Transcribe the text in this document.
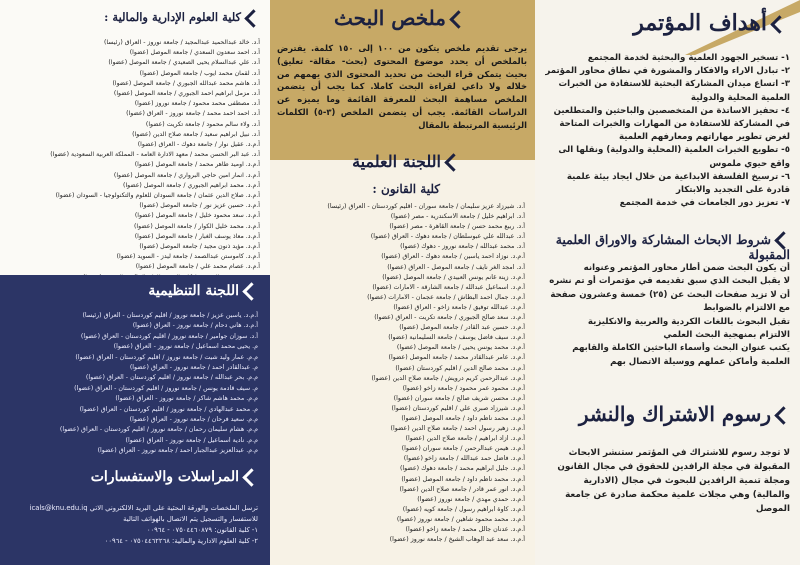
أهداف المؤتمر
١- تسخير الجهود العلمية والبحثية لخدمة المجتمع
٢- تبادل الاراء والافكار والمشورة في نطاق محاور المؤتمر
٣- اتساع ميدان المشاركة البحثية للاستفادة من الخبرات
العلمية المحلية والدولية
٤- تحفيز الاساتذة من المتخصصين والباحثين والمتطلعين
في المشاركة للاستفادة من المهارات والخبرات المتاحة
لغرض تطوير مهاراتهم ومعارفهم العلمية
٥- تطويع الخبرات العلمية (المحلية والدولية) ونقلها الى
واقع حيوي ملموس
٦- ترسيخ الفلسفة الابداعية من خلال ايجاد بيئة علمية
قادرة على التجديد والابتكار
٧- تعزيز دور الجامعات في خدمة المجتمع
شروط الابحاث المشاركة والاوراق العلمية المقبولة
أن يكون البحث ضمن أطار محاور المؤتمر وعنوانه
لا يقبل البحث الذي سبق تقديمه في مؤتمرات أو تم نشره
أن لا تزيد صفحات البحث عن (٢٥) خمسة وعشرون صفحة
مع الالتزام بالضوابط
تقبل البحوث باللغات الكردية والعربية والانكليزية
الالتزام بمنهجية البحث العلمي
يكتب عنوان البحث وأسماء الباحثين الكاملة والقابهم
العلمية وأماكن عملهم ووسيلة الاتصال بهم
رسوم الاشتراك والنشر
لا توجد رسوم للاشتراك في المؤتمر ستنشر الابحاث المقبولة في مجلة الرافدين للحقوق في مجال القانون ومجلة تنمية الرافدين للبحوث في مجال (الادارية والمالية) وهي مجلات علمية محكمة صادرة عن جامعة الموصل
ملخص البحث
يرجى تقديم ملخص يتكون من ١٠٠ إلى ١٥٠ كلمة. يفترض بالملخص أن يحدد موضوع المحتوى (بحث- مقالة- تعليق) بحيث يتمكن قراء البحث من تحديد المحتوى الذي يهمهم من خلاله ولا داعي لقراءة البحث كاملا. كما يجب أن يتضمن الملخص مساهمة البحث للمعرفة القائمة وما يميزه عن الدراسات القائمة. يجب أن يتضمن الملخص (٣-٥) الكلمات الرئيسية المرتبطة بالمقال
اللجنة العلمية
كلية القانون :
أ.د. شيرزاد عزيز سليمان / جامعة سوران - اقليم كوردستان - العراق (رئيسا)
أ.د. ابراهيم خليل / جامعة الاسكندرية - مصر (عضوا)
أ.د. ربيع محمد حسن / جامعة القاهرة - مصر (عضوا)
أ.د. عبدالله علي عبوسلطان / جامعة دهوك - العراق (عضوا)
أ.د. محمد عبدالله / جامعة نوروز - دهوك (عضوا)
أ.م.د. نوزاد احمد ياسين / جامعة دهوك - العراق (عضوا)
أ.د. امجد الغر نايف / جامعة الموصل - العراق (عضوا)
أ.م.د. زينة غانم يونس العبيدي / جامعة الموصل (عضوا)
أ.م.د. اسماعيل عبدالله / جامعة الشارقة - الامارات (عضوا)
أ.م.د. جمال احمد البطاش / جامعة عجمان - الامارات (عضوا)
أ.م.د. عبدالله توفيق / جامعة زاخو - العراق (عضوا)
أ.م.د. سعد صالح الجبوري / جامعة تكريت - العراق (عضوا)
أ.م.د. حسين عبد القادر / جامعة الموصل (عضوا)
أ.م.د. سيف فاضل يوسف / جامعة السليمانية (عضوا)
أ.م.د. محمد يونس يحيى / جامعة الموصل (عضوا)
أ.م.د. عامر عبدالقادر محمد / جامعة الموصل (عضوا)
أ.م.د. محمد صالح الدين / اقليم كوردستان (عضوا)
أ.م.د. عبدالرحمن كريم درويش / جامعة صلاح الدين (عضوا)
أ.م.د. محمود عمر محمود / جامعة زاخو (عضوا)
أ.م.د. محسن شريف صالح / جامعة سوران (عضوا)
أ.م.د. شيرزاد صبري علي / اقليم كوردستان (عضوا)
أ.م.د. محمد ناظم داود / جامعة الموصل (عضوا)
أ.م.د. زهير رسول احمد / جامعة صلاح الدين (عضوا)
أ.م.د. ازاد ابراهيم / جامعة صلاح الدين (عضوا)
أ.م.د. هيمن عبدالرحمن / جامعة سوران (عضوا)
أ.م.د. فاضل حمد عبدالله / جامعة زاخو (عضوا)
أ.م.د. جليل ابراهيم محمد / جامعة دهوك (عضوا)
أ.م.د. محمد ناظم داود / جامعة الموصل (عضوا)
أ.م.د. انور عمر قادر / جامعة صلاح الدين (عضوا)
أ.م.د. حمدي مهدي / جامعة نوروز (عضوا)
أ.م.د. كاوة ابراهيم رسول / جامعة كويه (عضوا)
أ.م.د. محمد محمود شاهين / جامعة نوروز (عضوا)
أ.م.د. عدنان جالل محمد / جامعة زاخو (عضوا)
أ.م.د. سعد عبد الوهاب الشيخ / جامعة نوروز (عضوا)
كلية العلوم الإدارية والمالية :
أ.د. خالد عبدالحميد عبدالمجيد / جامعة نوروز - العراق (رئيسا)
أ.د. احمد سعدون السعدي / جامعة الموصل (عضوا)
أ.د. علي عبدالسلام يحيى الصعيدي / جامعة الموصل (عضوا)
أ.د. لقمان محمد ايوب / جامعة الموصل (عضوا)
أ.د. هاشم محمد عبدالله الجبوري / جامعة الموصل (عضوا)
أ.د. مزمل ابراهيم احمد الجبوري / جامعة الموصل (عضوا)
أ.د. مصطفى محمد محمود / جامعة نوروز (عضوا)
أ.د. احمد احمد محمد / جامعة نوروز - العراق (عضوا)
أ.د. ولاء سالم محمود / جامعة تكريت (عضوا)
أ.د. نبيل ابراهيم سعيد / جامعة صلاح الدين (عضوا)
أ.م.د. عقيل نوار / جامعة دهوك - العراق (عضوا)
أ.د. عبد البر الحسن محمد / معهد الادارة العامة - المملكة العربية السعودية (عضوا)
أ.م.د. اوميد طاهر محمد / جامعة الموصل (عضوا)
أ.م.د. انمار امين حاجي البرواري / جامعة الموصل (عضوا)
أ.م.د. محمد ابراهيم الجبوري / جامعة الموصل (عضوا)
أ.م.د. صلاح الدين عثمان / جامعة السودان للعلوم والتكنولوجيا - السودان (عضوا)
أ.م.د. حسين عزيز نور / جامعة الموصل (عضوا)
أ.م.د. سعد محمود خليل / جامعة الموصل (عضوا)
أ.م.د. محمد خليل الكوار / جامعة الموصل (عضوا)
أ.م.د. معاذ يوسف الغبار / جامعة الموصل (عضوا)
أ.م.د. مؤيد ذنون مجيد / جامعة الموصل (عضوا)
أ.م.د. كاموستن عبدالصمد / جامعة ليدز - السويد (عضوا)
أ.م.د. عصام محمد علي / جامعة الموصل (عضوا)
اللجنة التنظيمية
أ.م.د. ياسين عزيز / جامعة نوروز / اقليم كوردستان - العراق (رئيسا)
أ.م.د. هاني دحام / جامعة نوروز - العراق (عضوا)
أ.د. سوزان جوامير / جامعة نوروز / اقليم كوردستان - العراق (عضوا)
م. يحيى محمد اسماعيل / جامعة نوروز - العراق (عضوا)
م.م. عمار وليد شيت / جامعة نوروز / اقليم كوردستان - العراق (عضوا)
م. عبدالقادر احمد / جامعة نوروز - العراق (عضوا)
م.م. بحر عبدالله / جامعة نوروز / اقليم كوردستان - العراق (عضوا)
م. سيف قادمة يونس / جامعة نوروز / اقليم كوردستان - العراق (عضوا)
م.م. محمد هاشم شاكر / جامعة نوروز - العراق (عضوا)
م. محمد عبدالهادي / جامعة نوروز / اقليم كوردستان - العراق (عضوا)
م.م. سعيد فرحان / جامعة نوروز - العراق (عضوا)
م.م. هشام سليمان رحمان / جامعة نوروز / اقليم كوردستان - العراق (عضوا)
م.م. نادية اسماعيل / جامعة نوروز - العراق (عضوا)
م.م. عبدالعزيز عبدالجبار احمد / جامعة نوروز - العراق (عضوا)
المراسلات والاستفسارات
ترسل الملخصات والورقة البحثية على البريد الالكتروني الاتي icals@knu.edu.iq
للاستفسار والتسجيل يتم الاتصال بالهواتف التالية
١- كلية القانون: ٠٧٥٠٤٤٦٠٨٧٩ - ٠٠٩٦٤
٢- كلية العلوم الادارية والمالية: ٠٧٥٠٤٤٦٢٢٦٨ - ٠٠٩٦٤
